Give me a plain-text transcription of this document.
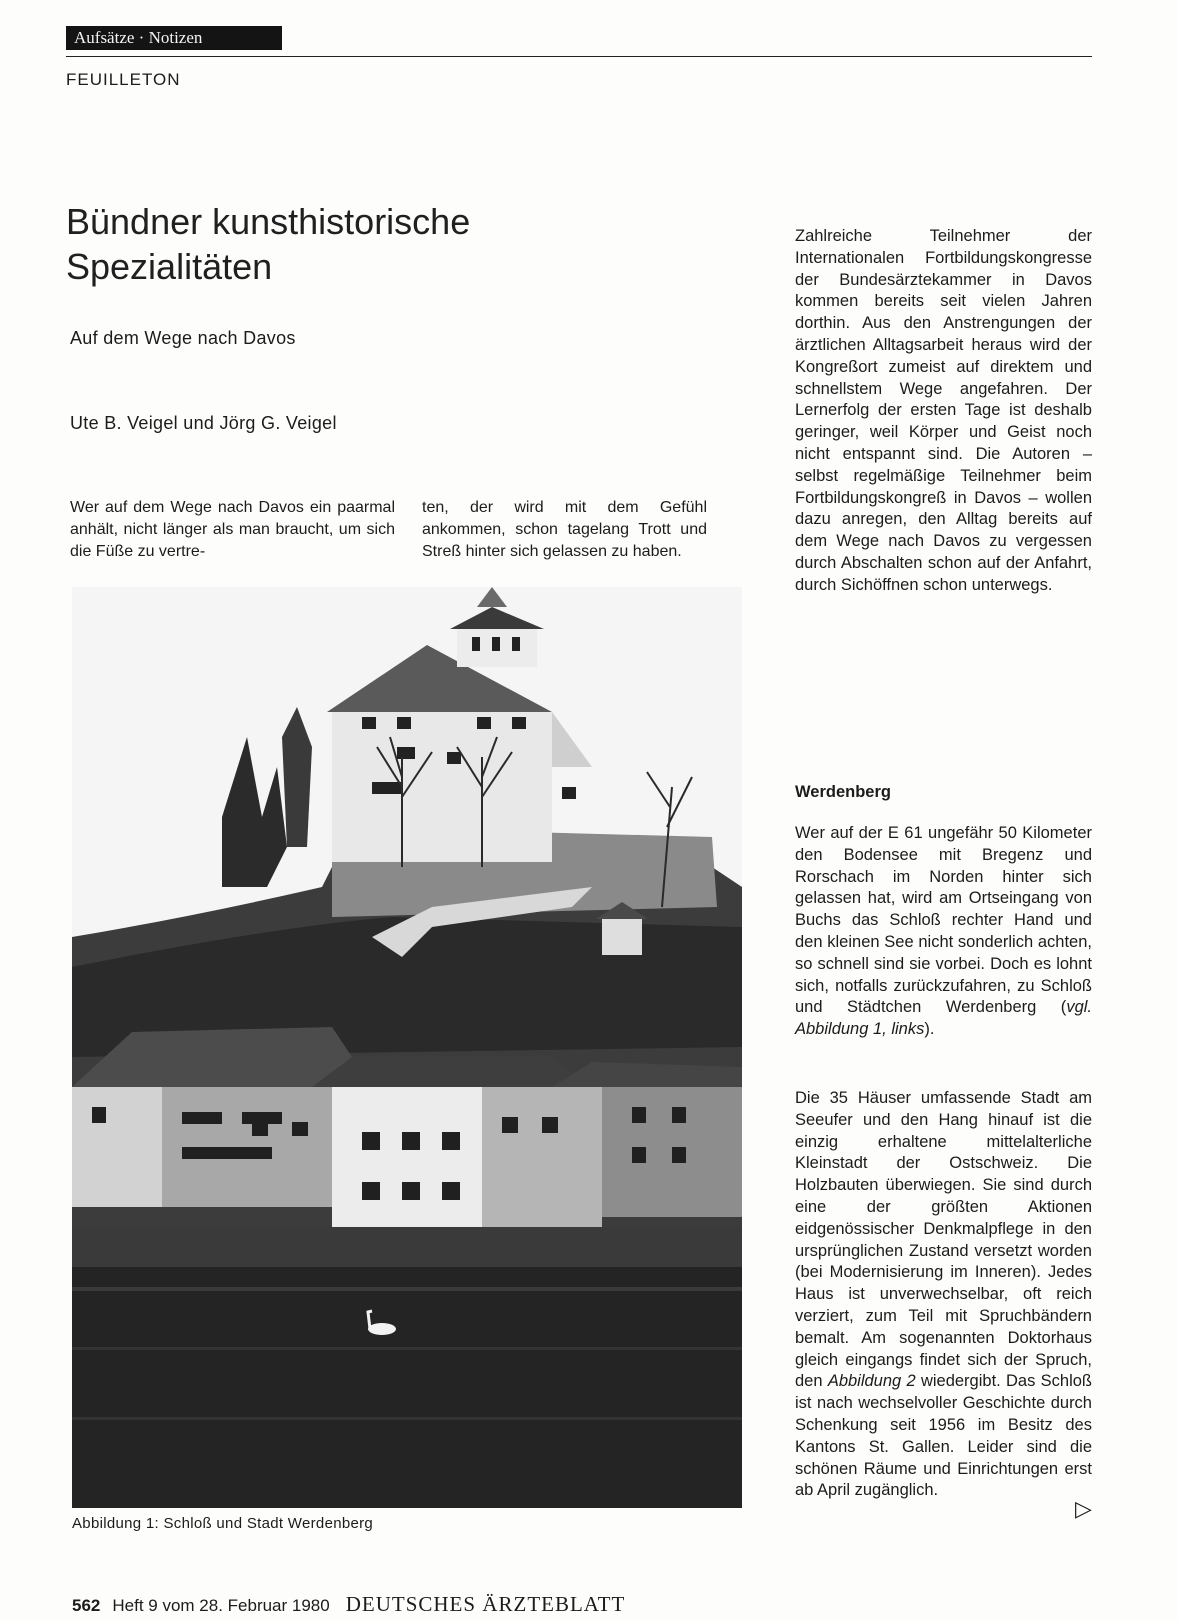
Aufsätze · Notizen
FEUILLETON
Bündner kunsthistorische
Spezialitäten
Auf dem Wege nach Davos
Ute B. Veigel und Jörg G. Veigel

Wer auf dem Wege nach Davos ein paarmal anhält, nicht länger als man braucht, um sich die Füße zu vertre-

ten, der wird mit dem Gefühl ankommen, schon tagelang Trott und Streß hinter sich gelassen zu haben.

Zahlreiche Teilnehmer der Internationalen Fortbildungskongresse der Bundesärztekammer in Davos kommen bereits seit vielen Jahren dorthin. Aus den Anstrengungen der ärztlichen Alltagsarbeit heraus wird der Kongreßort zumeist auf direktem und schnellstem Wege angefahren. Der Lernerfolg der ersten Tage ist deshalb geringer, weil Körper und Geist noch nicht entspannt sind. Die Autoren – selbst regelmäßige Teilnehmer beim Fortbildungskongreß in Davos – wollen dazu anregen, den Alltag bereits auf dem Wege nach Davos zu vergessen durch Abschalten schon auf der Anfahrt, durch Sichöffnen schon unterwegs.

Werdenberg

Wer auf der E 61 ungefähr 50 Kilometer den Bodensee mit Bregenz und Rorschach im Norden hinter sich gelassen hat, wird am Ortseingang von Buchs das Schloß rechter Hand und den kleinen See nicht sonderlich achten, so schnell sind sie vorbei. Doch es lohnt sich, notfalls zurückzufahren, zu Schloß und Städtchen Werdenberg (vgl. Abbildung 1, links).

Die 35 Häuser umfassende Stadt am Seeufer und den Hang hinauf ist die einzig erhaltene mittelalterliche Kleinstadt der Ostschweiz. Die Holzbauten überwiegen. Sie sind durch eine der größten Aktionen eidgenössischer Denkmalpflege in den ursprünglichen Zustand versetzt worden (bei Modernisierung im Inneren). Jedes Haus ist unverwechselbar, oft reich verziert, zum Teil mit Spruchbändern bemalt. Am sogenannten Doktorhaus gleich eingangs findet sich der Spruch, den Abbildung 2 wiedergibt. Das Schloß ist nach wechselvoller Geschichte durch Schenkung seit 1956 im Besitz des Kantons St. Gallen. Leider sind die schönen Räume und Einrichtungen erst ab April zugänglich.

▷
Abbildung 1: Schloß und Stadt Werdenberg
562 Heft 9 vom 28. Februar 1980 DEUTSCHES ÄRZTEBLATT
